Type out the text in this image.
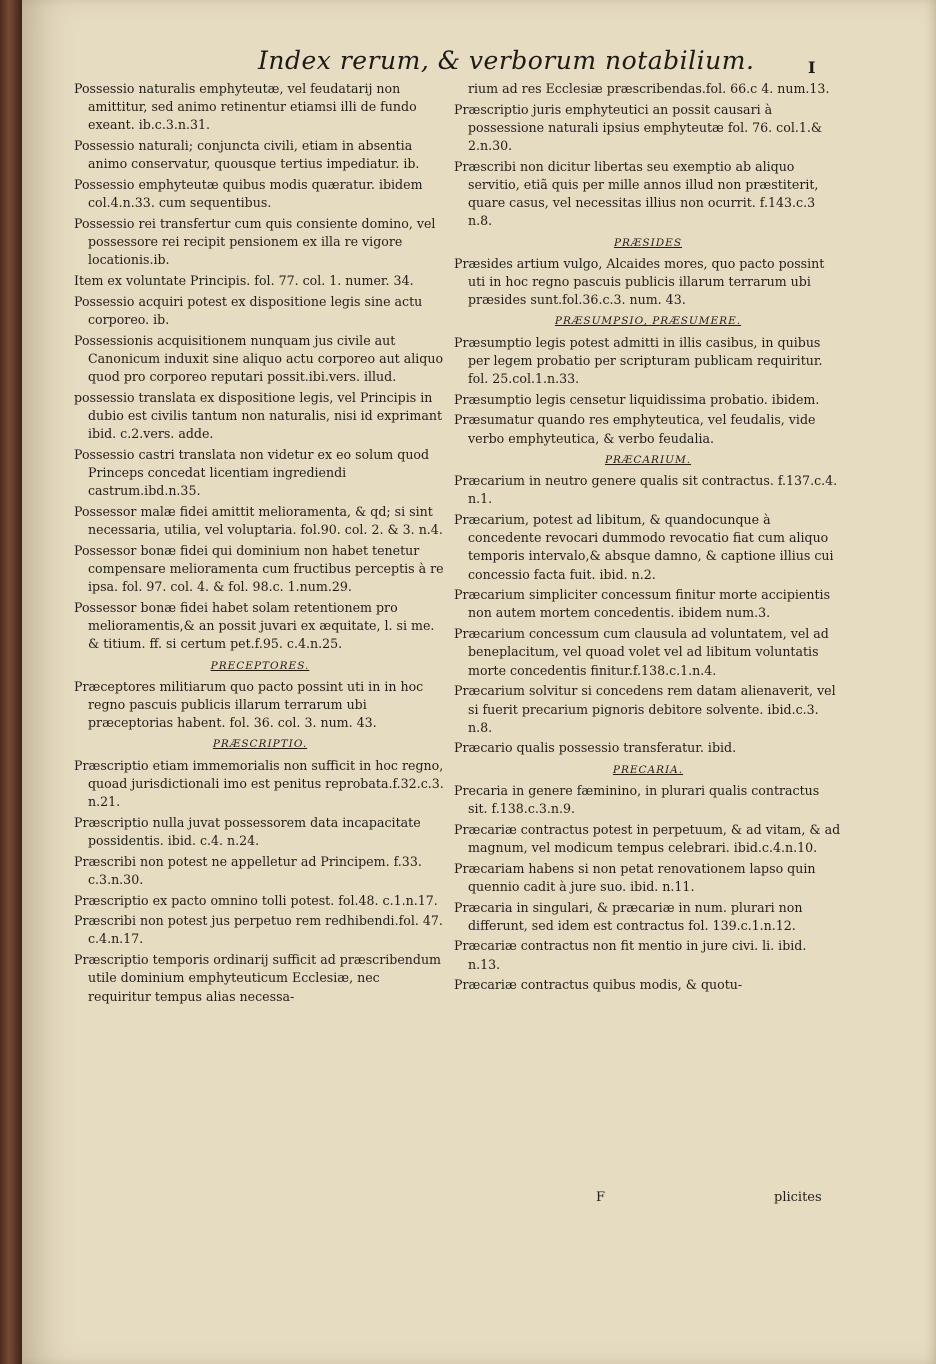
Index rerum, & verborum notabilium.	I
Possessio naturalis emphyteutæ, vel feudatarij non amittitur, sed animo retinentur etiamsi illi de fundo exeant. ib.c.3.n.31.
Possessio naturali; conjuncta civili, etiam in absentia animo conservatur, quousque tertius impediatur. ib.
Possessio emphyteutæ quibus modis quæratur. ibidem col.4.n.33. cum sequentibus.
Possessio rei transfertur cum quis consiente domino, vel possessore rei recipit pensionem ex illa re vigore locationis.ib.
Item ex voluntate Principis. fol. 77. col. 1. numer. 34.
Possessio acquiri potest ex dispositione legis sine actu corporeo. ib.
Possessionis acquisitionem nunquam jus civile aut Canonicum induxit sine aliquo actu corporeo aut aliquo quod pro corporeo reputari possit.ibi.vers. illud.
possessio translata ex dispositione legis, vel Principis in dubio est civilis tantum non naturalis, nisi id exprimant ibid. c.2.vers. adde.
Possessio castri translata non videtur ex eo solum quod Princeps concedat licentiam ingrediendi castrum.ibd.n.35.
Possessor malæ fidei amittit melioramenta, & qd; si sint necessaria, utilia, vel voluptaria. fol.90. col. 2. & 3. n.4.
Possessor bonæ fidei qui dominium non habet tenetur compensare melioramenta cum fructibus perceptis à re ipsa. fol. 97. col. 4. & fol. 98.c. 1.num.29.
Possessor bonæ fidei habet solam retentionem pro melioramentis,& an possit juvari ex æquitate, l. si me. & titium. ff. si certum pet.f.95. c.4.n.25.
PRECEPTORES.
Præceptores militiarum quo pacto possint uti in in hoc regno pascuis publicis illarum terrarum ubi præceptorias habent. fol. 36. col. 3. num. 43.
PRÆSCRIPTIO.
Præscriptio etiam immemorialis non sufficit in hoc regno, quoad jurisdictionali imo est penitus reprobata.f.32.c.3. n.21.
Præscriptio nulla juvat possessorem data incapacitate possidentis. ibid. c.4. n.24.
Præscribi non potest ne appelletur ad Principem. f.33. c.3.n.30.
Præscriptio ex pacto omnino tolli potest. fol.48. c.1.n.17.
Præscribi non potest jus perpetuo rem redhibendi.fol. 47. c.4.n.17.
Præscriptio temporis ordinarij sufficit ad præscribendum utile dominium emphyteuticum Ecclesiæ, nec requiritur tempus alias necessa-
rium ad res Ecclesiæ præscribendas.fol. 66.c 4. num.13.
Præscriptio juris emphyteutici an possit causari à possessione naturali ipsius emphyteutæ fol. 76. col.1.& 2.n.30.
Præscribi non dicitur libertas seu exemptio ab aliquo servitio, etiã quis per mille annos illud non præstiterit, quare casus, vel necessitas illius non ocurrit. f.143.c.3 n.8.
PRÆSIDES
Præsides artium vulgo, Alcaides mores, quo pacto possint uti in hoc regno pascuis publicis illarum terrarum ubi præsides sunt.fol.36.c.3. num. 43.
PRÆSUMPSIO, PRÆSUMERE.
Præsumptio legis potest admitti in illis casibus, in quibus per legem probatio per scripturam publicam requiritur. fol. 25.col.1.n.33.
Præsumptio legis censetur liquidissima probatio. ibidem.
Præsumatur quando res emphyteutica, vel feudalis, vide verbo emphyteutica, & verbo feudalia.
PRÆCARIUM.
Præcarium in neutro genere qualis sit contractus. f.137.c.4. n.1.
Præcarium, potest ad libitum, & quandocunque à concedente revocari dummodo revocatio fiat cum aliquo temporis intervalo,& absque damno, & captione illius cui concessio facta fuit. ibid. n.2.
Præcarium simpliciter concessum finitur morte accipientis non autem mortem concedentis. ibidem num.3.
Præcarium concessum cum clausula ad voluntatem, vel ad beneplacitum, vel quoad volet vel ad libitum voluntatis morte concedentis finitur.f.138.c.1.n.4.
Præcarium solvitur si concedens rem datam alienaverit, vel si fuerit precarium pignoris debitore solvente. ibid.c.3. n.8.
Præcario qualis possessio transferatur. ibid.
PRECARIA.
Precaria in genere fæminino, in plurari qualis contractus sit. f.138.c.3.n.9.
Præcariæ contractus potest in perpetuum, & ad vitam, & ad magnum, vel modicum tempus celebrari. ibid.c.4.n.10.
Præcariam habens si non petat renovationem lapso quin quennio cadit à jure suo. ibid. n.11.
Præcaria in singulari, & præcariæ in num. plurari non differunt, sed idem est contractus fol. 139.c.1.n.12.
Præcariæ contractus non fit mentio in jure civi. li. ibid. n.13.
Præcariæ contractus quibus modis, & quotu-
F	plicites
